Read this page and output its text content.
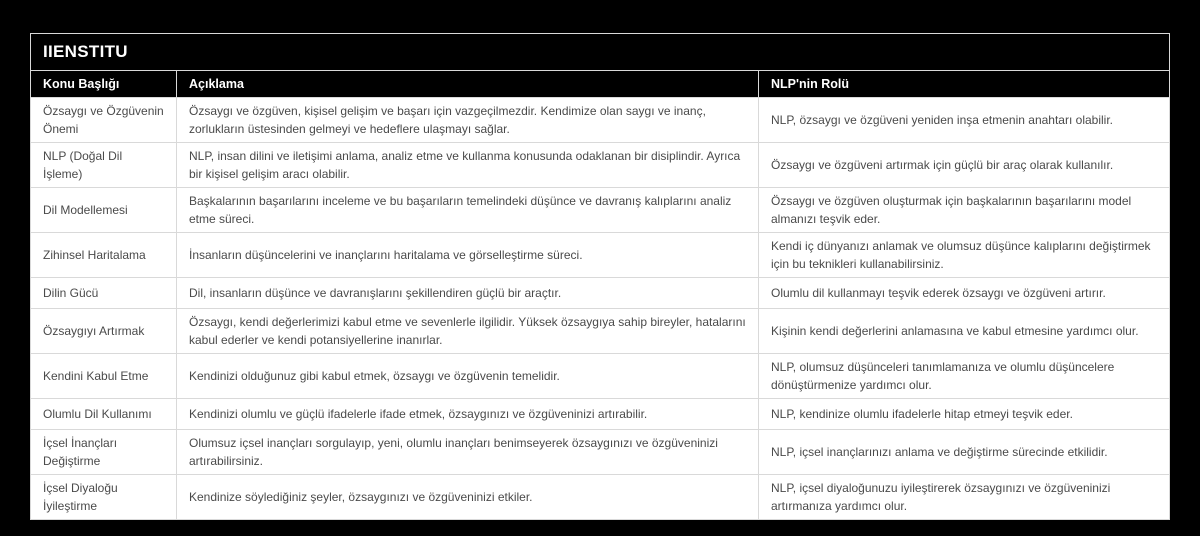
IIENSTITU
Konu Başlığı	Açıklama	NLP'nin Rolü
Özsaygı ve Özgüvenin Önemi	Özsaygı ve özgüven, kişisel gelişim ve başarı için vazgeçilmezdir. Kendimize olan saygı ve inanç, zorlukların üstesinden gelmeyi ve hedeflere ulaşmayı sağlar.	NLP, özsaygı ve özgüveni yeniden inşa etmenin anahtarı olabilir.
NLP (Doğal Dil İşleme)	NLP, insan dilini ve iletişimi anlama, analiz etme ve kullanma konusunda odaklanan bir disiplindir. Ayrıca bir kişisel gelişim aracı olabilir.	Özsaygı ve özgüveni artırmak için güçlü bir araç olarak kullanılır.
Dil Modellemesi	Başkalarının başarılarını inceleme ve bu başarıların temelindeki düşünce ve davranış kalıplarını analiz etme süreci.	Özsaygı ve özgüven oluşturmak için başkalarının başarılarını model almanızı teşvik eder.
Zihinsel Haritalama	İnsanların düşüncelerini ve inançlarını haritalama ve görselleştirme süreci.	Kendi iç dünyanızı anlamak ve olumsuz düşünce kalıplarını değiştirmek için bu teknikleri kullanabilirsiniz.
Dilin Gücü	Dil, insanların düşünce ve davranışlarını şekillendiren güçlü bir araçtır.	Olumlu dil kullanmayı teşvik ederek özsaygı ve özgüveni artırır.
Özsaygıyı Artırmak	Özsaygı, kendi değerlerimizi kabul etme ve sevenlerle ilgilidir. Yüksek özsaygıya sahip bireyler, hatalarını kabul ederler ve kendi potansiyellerine inanırlar.	Kişinin kendi değerlerini anlamasına ve kabul etmesine yardımcı olur.
Kendini Kabul Etme	Kendinizi olduğunuz gibi kabul etmek, özsaygı ve özgüvenin temelidir.	NLP, olumsuz düşünceleri tanımlamanıza ve olumlu düşüncelere dönüştürmenize yardımcı olur.
Olumlu Dil Kullanımı	Kendinizi olumlu ve güçlü ifadelerle ifade etmek, özsaygınızı ve özgüveninizi artırabilir.	NLP, kendinize olumlu ifadelerle hitap etmeyi teşvik eder.
İçsel İnançları Değiştirme	Olumsuz içsel inançları sorgulayıp, yeni, olumlu inançları benimseyerek özsaygınızı ve özgüveninizi artırabilirsiniz.	NLP, içsel inançlarınızı anlama ve değiştirme sürecinde etkilidir.
İçsel Diyaloğu İyileştirme	Kendinize söylediğiniz şeyler, özsaygınızı ve özgüveninizi etkiler.	NLP, içsel diyaloğunuzu iyileştirerek özsaygınızı ve özgüveninizi artırmanıza yardımcı olur.
